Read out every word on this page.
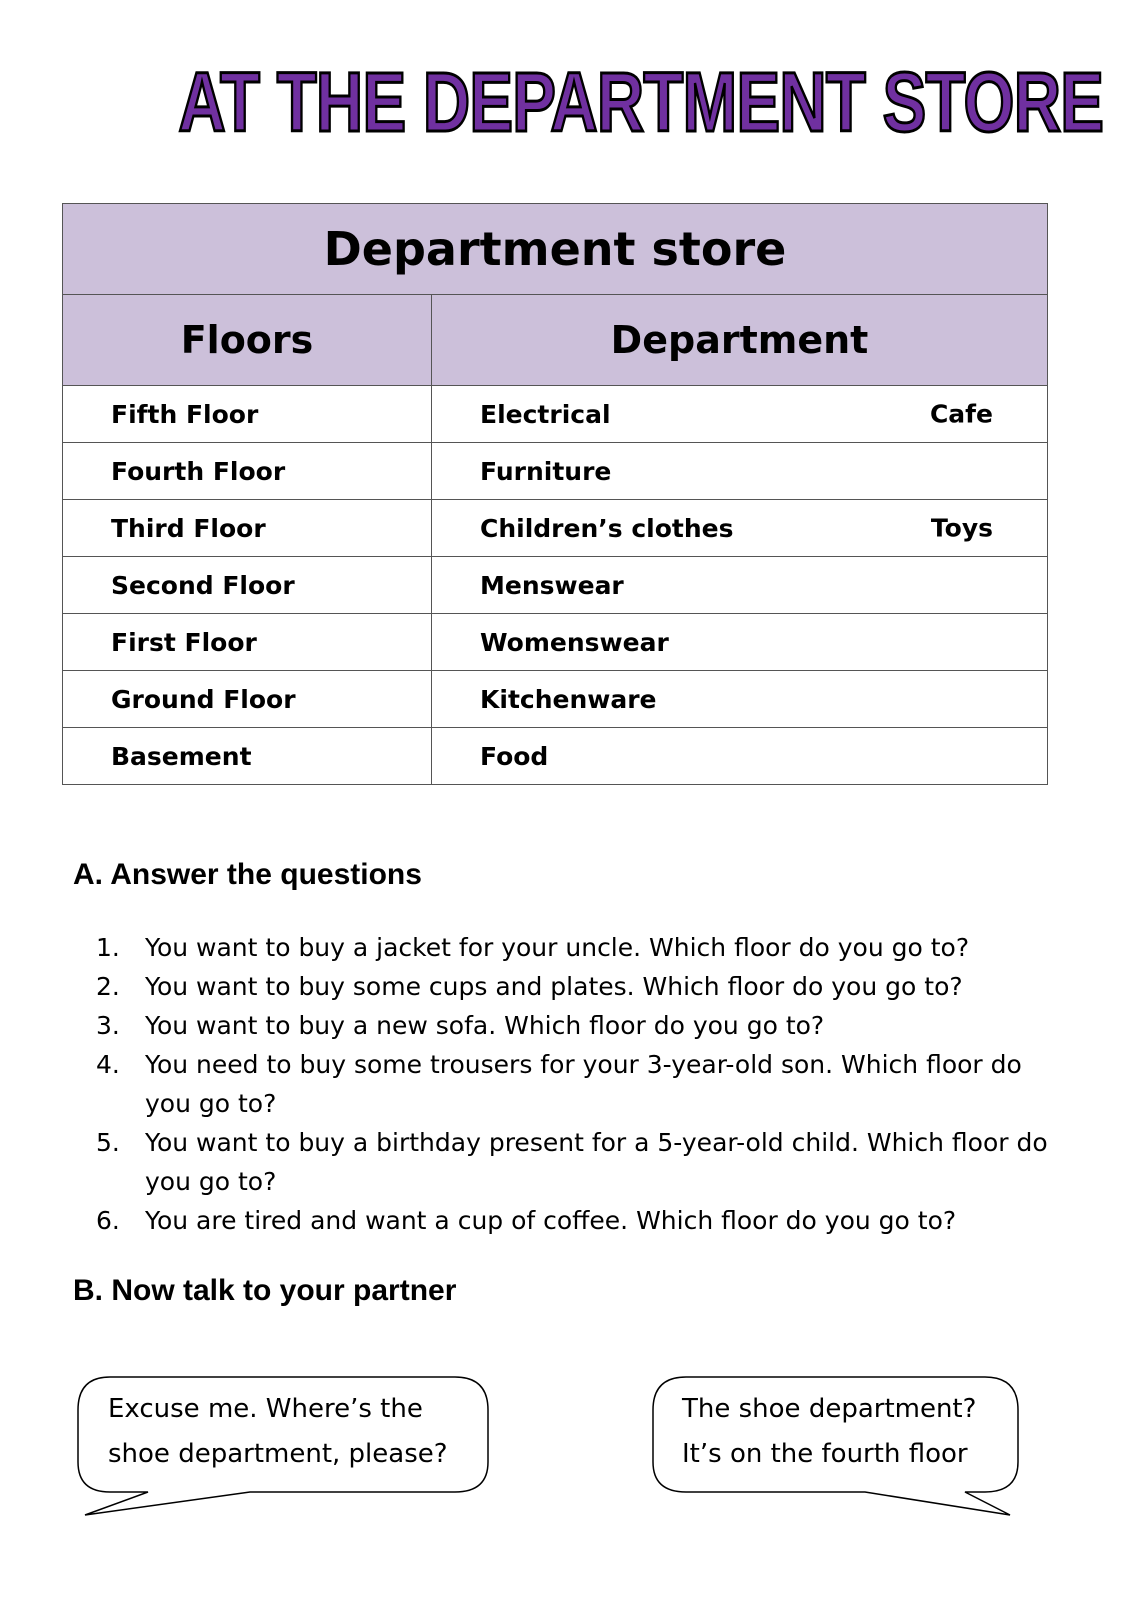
AT THE DEPARTMENT STORE
Department store	
Floors	Department
Fifth Floor	Electrical Cafe

Fourth Floor	Furniture
Third Floor	Children’s clothes Toys

Second Floor	Menswear
First Floor	Womenswear
Ground Floor	Kitchenware
Basement	Food
A. Answer the questions
1.	You want to buy a jacket for your uncle. Which floor do you go to?
2.	You want to buy some cups and plates. Which floor do you go to?
3.	You want to buy a new sofa. Which floor do you go to?
4.	You need to buy some trousers for your 3-year-old son. Which floor do you go to?
5.	You want to buy a birthday present for a 5-year-old child. Which floor do you go to?
6.	You are tired and want a cup of coffee. Which floor do you go to?
B. Now talk to your partner
Excuse me. Where’s the
shoe department, please?
The shoe department?
It’s on the fourth floor
